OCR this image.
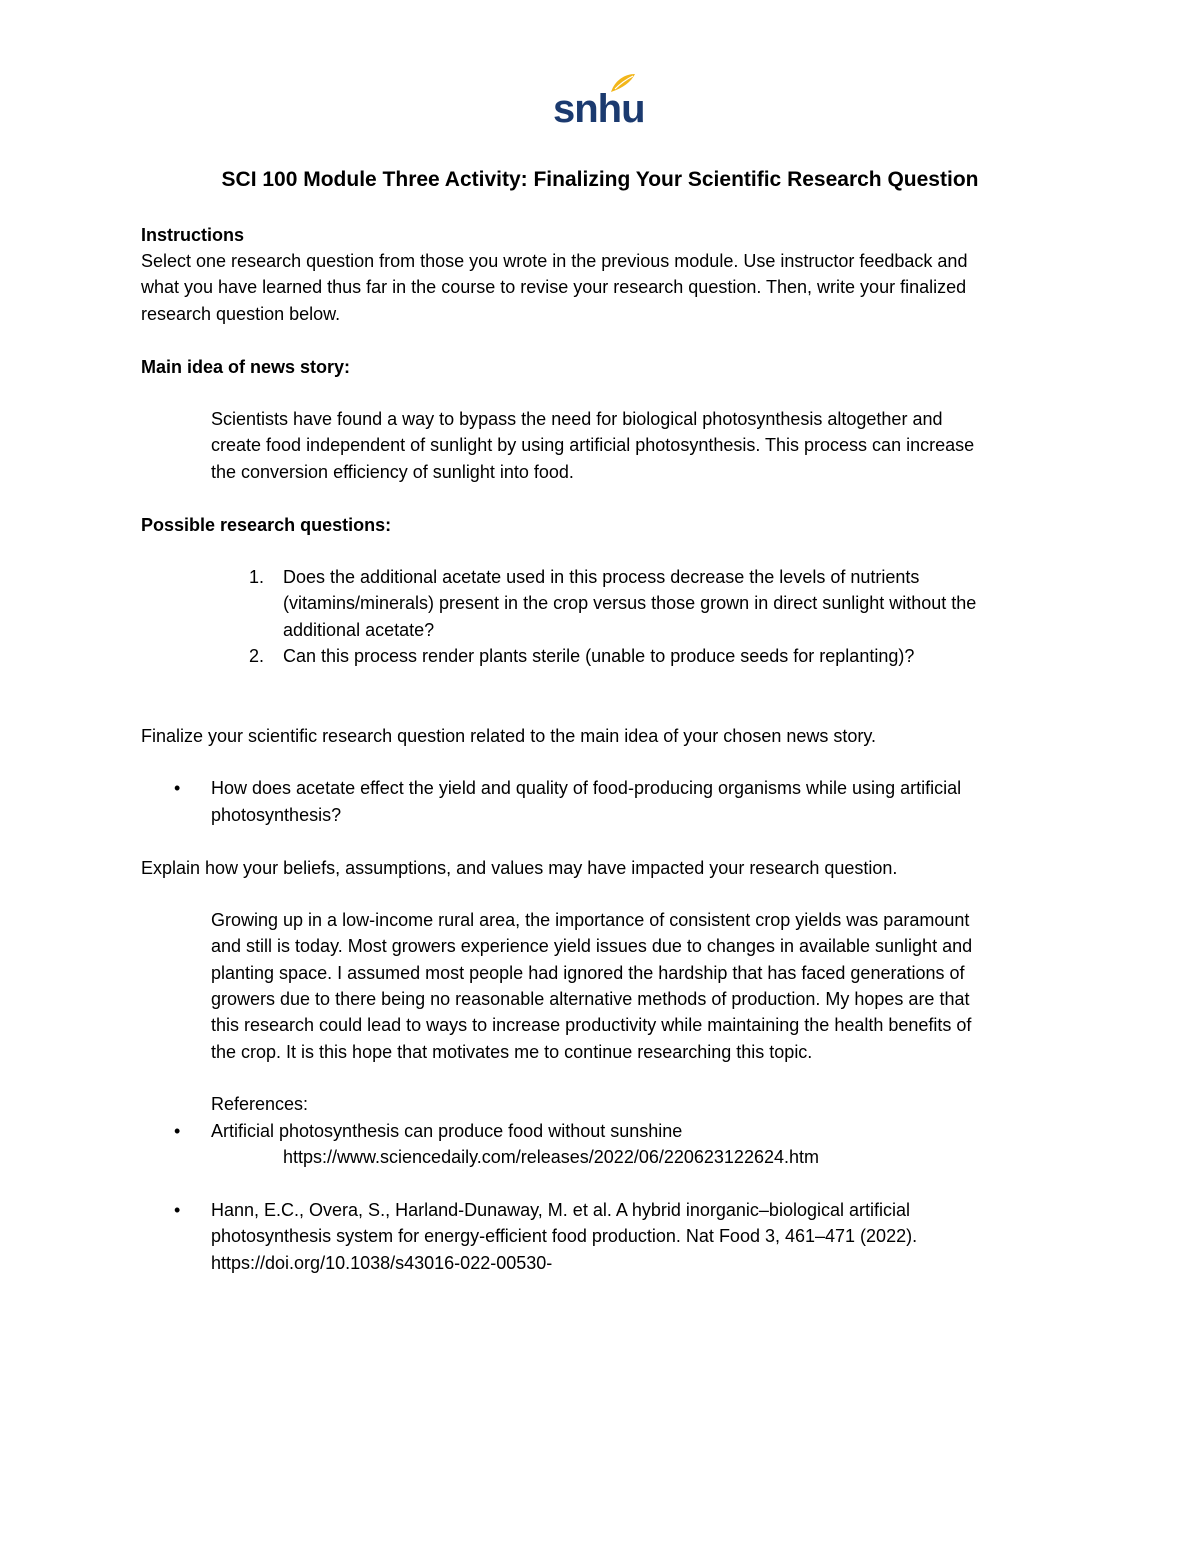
snhu
SCI 100 Module Three Activity: Finalizing Your Scientific Research Question
Instructions
Select one research question from those you wrote in the previous module. Use instructor feedback and
what you have learned thus far in the course to revise your research question. Then, write your finalized
research question below.
Main idea of news story:
Scientists have found a way to bypass the need for biological photosynthesis altogether and
create food independent of sunlight by using artificial photosynthesis. This process can increase
the conversion efficiency of sunlight into food.
Possible research questions:
1. Does the additional acetate used in this process decrease the levels of nutrients
(vitamins/minerals) present in the crop versus those grown in direct sunlight without the
additional acetate?
2. Can this process render plants sterile (unable to produce seeds for replanting)?
Finalize your scientific research question related to the main idea of your chosen news story.
• How does acetate effect the yield and quality of food-producing organisms while using artificial
photosynthesis?
Explain how your beliefs, assumptions, and values may have impacted your research question.
Growing up in a low-income rural area, the importance of consistent crop yields was paramount
and still is today. Most growers experience yield issues due to changes in available sunlight and
planting space. I assumed most people had ignored the hardship that has faced generations of
growers due to there being no reasonable alternative methods of production. My hopes are that
this research could lead to ways to increase productivity while maintaining the health benefits of
the crop. It is this hope that motivates me to continue researching this topic.
References:
• Artificial photosynthesis can produce food without sunshine
https://www.sciencedaily.com/releases/2022/06/220623122624.htm
• Hann, E.C., Overa, S., Harland-Dunaway, M. et al. A hybrid inorganic–biological artificial
photosynthesis system for energy-efficient food production. Nat Food 3, 461–471 (2022).
https://doi.org/10.1038/s43016-022-00530-
